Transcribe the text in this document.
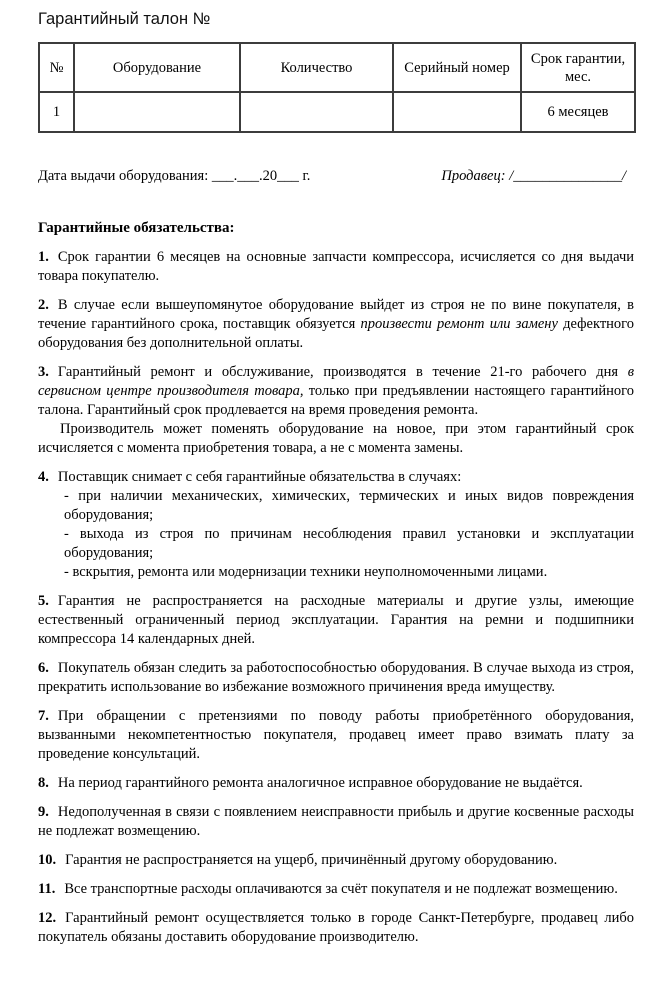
Гарантийный талон №
№	Оборудование	Количество	Серийный номер	Срок гарантии, мес.
1				6 месяцев
Дата выдачи оборудования: ___.___.20___ г.	Продавец: /_______________/
Гарантийные обязательства:

1. Срок гарантии 6 месяцев на основные запчасти компрессора, исчисляется со дня выдачи товара покупателю.

2. В случае если вышеупомянутое оборудование выйдет из строя не по вине покупателя, в течение гарантийного срока, поставщик обязуется произвести ремонт или замену дефектного оборудования без дополнительной оплаты.

3. Гарантийный ремонт и обслуживание, производятся в течение 21-го рабочего дня в сервисном центре производителя товара, только при предъявлении настоящего гарантийного талона. Гарантийный срок продлевается на время проведения ремонта.

Производитель может поменять оборудование на новое, при этом гарантийный срок исчисляется с момента приобретения товара, а не с момента замены.

4. Поставщик снимает с себя гарантийные обязательства в случаях:

- при наличии механических, химических, термических и иных видов повреждения оборудования;

- выхода из строя по причинам несоблюдения правил установки и эксплуатации оборудования;

- вскрытия, ремонта или модернизации техники неуполномоченными лицами.

5. Гарантия не распространяется на расходные материалы и другие узлы, имеющие естественный ограниченный период эксплуатации. Гарантия на ремни и подшипники компрессора 14 календарных дней.

6. Покупатель обязан следить за работоспособностью оборудования. В случае выхода из строя, прекратить использование во избежание возможного причинения вреда имуществу.

7. При обращении с претензиями по поводу работы приобретённого оборудования, вызванными некомпетентностью покупателя, продавец имеет право взимать плату за проведение консультаций.

8. На период гарантийного ремонта аналогичное исправное оборудование не выдаётся.

9. Недополученная в связи с появлением неисправности прибыль и другие косвенные расходы не подлежат возмещению.

10. Гарантия не распространяется на ущерб, причинённый другому оборудованию.

11. Все транспортные расходы оплачиваются за счёт покупателя и не подлежат возмещению.

12. Гарантийный ремонт осуществляется только в городе Санкт-Петербурге, продавец либо покупатель обязаны доставить оборудование производителю.
